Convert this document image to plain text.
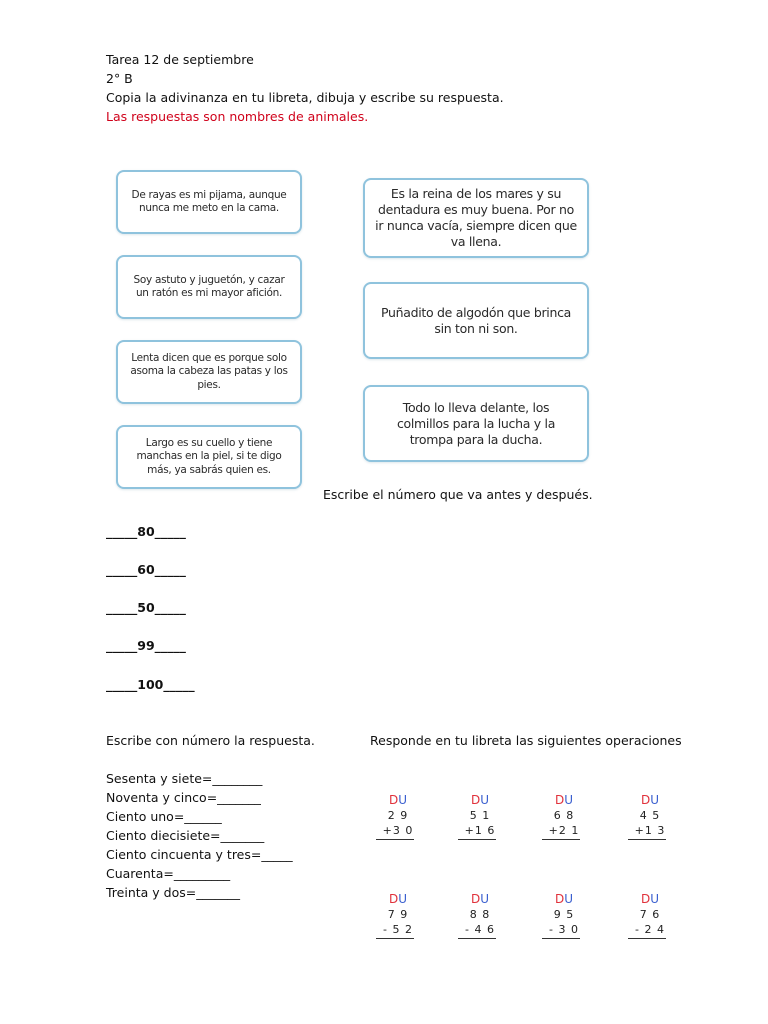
Tarea 12 de septiembre
2° B
Copia la adivinanza en tu libreta, dibuja y escribe su respuesta.
Las respuestas son nombres de animales.
De rayas es mi pijama, aunque nunca me meto en la cama.
Soy astuto y juguetón, y cazar un ratón es mi mayor afición.
Lenta dicen que es porque solo asoma la cabeza las patas y los pies.
Largo es su cuello y tiene manchas en la piel, si te digo más, ya sabrás quien es.
Es la reina de los mares y su dentadura es muy buena. Por no ir nunca vacía, siempre dicen que va llena.
Puñadito de algodón que brinca sin ton ni son.
Todo lo lleva delante, los colmillos para la lucha y la trompa para la ducha.
Escribe el número que va antes y después.
_____80_____
_____60_____
_____50_____
_____99_____
_____100_____
Escribe con número la respuesta.
Sesenta y siete=________
Noventa y cinco=_______
Ciento uno=______
Ciento diecisiete=_______
Ciento cincuenta y tres=_____
Cuarenta=_________
Treinta y dos=_______
Responde en tu libreta las siguientes operaciones
DU
2 9
+3 0
DU
5 1
+1 6
DU
6 8
+2 1
DU
4 5
+1 3
DU
7 9
- 5 2
DU
8 8
- 4 6
DU
9 5
- 3 0
DU
7 6
- 2 4
